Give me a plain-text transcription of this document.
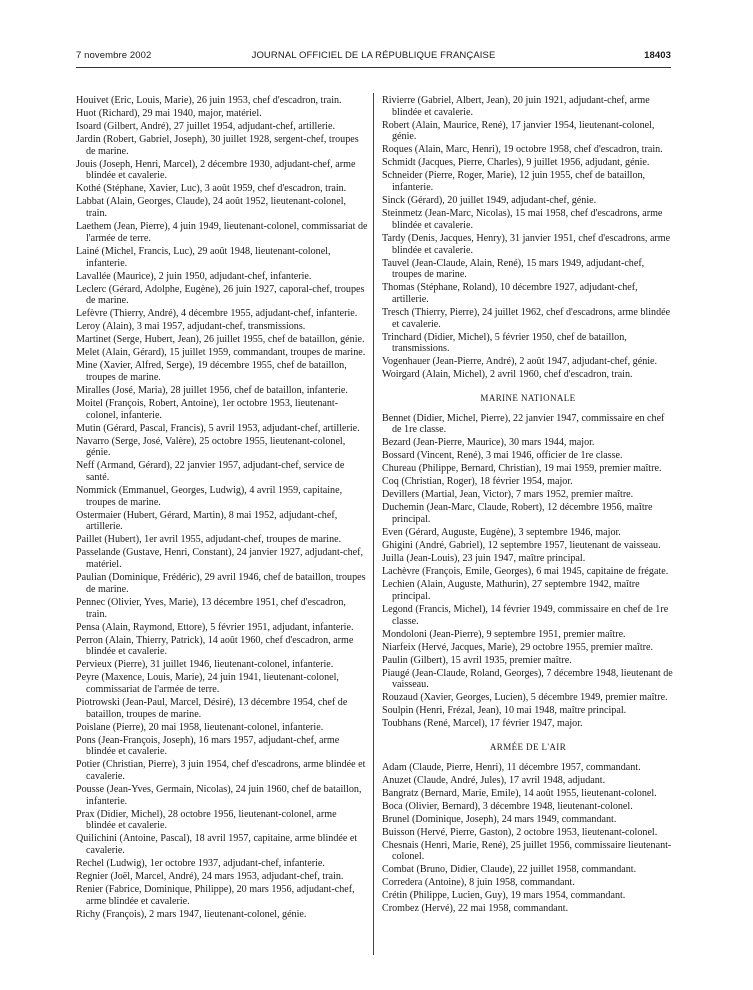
7 novembre 2002	JOURNAL OFFICIEL DE LA RÉPUBLIQUE FRANÇAISE	18403

Houivet (Eric, Louis, Marie), 26 juin 1953, chef d'escadron, train.

Huot (Richard), 29 mai 1940, major, matériel.

Isoard (Gilbert, André), 27 juillet 1954, adjudant-chef, artillerie.

Jardin (Robert, Gabriel, Joseph), 30 juillet 1928, sergent-chef, troupes de marine.

Jouis (Joseph, Henri, Marcel), 2 décembre 1930, adjudant-chef, arme blindée et cavalerie.

Kothé (Stéphane, Xavier, Luc), 3 août 1959, chef d'escadron, train.

Labbat (Alain, Georges, Claude), 24 août 1952, lieutenant-colonel, train.

Laethem (Jean, Pierre), 4 juin 1949, lieutenant-colonel, commissariat de l'armée de terre.

Lainé (Michel, Francis, Luc), 29 août 1948, lieutenant-colonel, infanterie.

Lavallée (Maurice), 2 juin 1950, adjudant-chef, infanterie.

Leclerc (Gérard, Adolphe, Eugène), 26 juin 1927, caporal-chef, troupes de marine.

Lefèvre (Thierry, André), 4 décembre 1955, adjudant-chef, infanterie.

Leroy (Alain), 3 mai 1957, adjudant-chef, transmissions.

Martinet (Serge, Hubert, Jean), 26 juillet 1955, chef de bataillon, génie.

Melet (Alain, Gérard), 15 juillet 1959, commandant, troupes de marine.

Mine (Xavier, Alfred, Serge), 19 décembre 1955, chef de bataillon, troupes de marine.

Miralles (José, Maria), 28 juillet 1956, chef de bataillon, infanterie.

Moitel (François, Robert, Antoine), 1er octobre 1953, lieutenant-colonel, infanterie.

Mutin (Gérard, Pascal, Francis), 5 avril 1953, adjudant-chef, artillerie.

Navarro (Serge, José, Valère), 25 octobre 1955, lieutenant-colonel, génie.

Neff (Armand, Gérard), 22 janvier 1957, adjudant-chef, service de santé.

Nommick (Emmanuel, Georges, Ludwig), 4 avril 1959, capitaine, troupes de marine.

Ostermaier (Hubert, Gérard, Martin), 8 mai 1952, adjudant-chef, artillerie.

Paillet (Hubert), 1er avril 1955, adjudant-chef, troupes de marine.

Passelande (Gustave, Henri, Constant), 24 janvier 1927, adjudant-chef, matériel.

Paulian (Dominique, Frédéric), 29 avril 1946, chef de bataillon, troupes de marine.

Pennec (Olivier, Yves, Marie), 13 décembre 1951, chef d'escadron, train.

Pensa (Alain, Raymond, Ettore), 5 février 1951, adjudant, infanterie.

Perron (Alain, Thierry, Patrick), 14 août 1960, chef d'escadron, arme blindée et cavalerie.

Pervieux (Pierre), 31 juillet 1946, lieutenant-colonel, infanterie.

Peyre (Maxence, Louis, Marie), 24 juin 1941, lieutenant-colonel, commissariat de l'armée de terre.

Piotrowski (Jean-Paul, Marcel, Désiré), 13 décembre 1954, chef de bataillon, troupes de marine.

Poislane (Pierre), 20 mai 1958, lieutenant-colonel, infanterie.

Pons (Jean-François, Joseph), 16 mars 1957, adjudant-chef, arme blindée et cavalerie.

Potier (Christian, Pierre), 3 juin 1954, chef d'escadrons, arme blindée et cavalerie.

Pousse (Jean-Yves, Germain, Nicolas), 24 juin 1960, chef de bataillon, infanterie.

Prax (Didier, Michel), 28 octobre 1956, lieutenant-colonel, arme blindée et cavalerie.

Quilichini (Antoine, Pascal), 18 avril 1957, capitaine, arme blindée et cavalerie.

Rechel (Ludwig), 1er octobre 1937, adjudant-chef, infanterie.

Regnier (Joël, Marcel, André), 24 mars 1953, adjudant-chef, train.

Renier (Fabrice, Dominique, Philippe), 20 mars 1956, adjudant-chef, arme blindée et cavalerie.

Richy (François), 2 mars 1947, lieutenant-colonel, génie.

Rivierre (Gabriel, Albert, Jean), 20 juin 1921, adjudant-chef, arme blindée et cavalerie.

Robert (Alain, Maurice, René), 17 janvier 1954, lieutenant-colonel, génie.

Roques (Alain, Marc, Henri), 19 octobre 1958, chef d'escadron, train.

Schmidt (Jacques, Pierre, Charles), 9 juillet 1956, adjudant, génie.

Schneider (Pierre, Roger, Marie), 12 juin 1955, chef de bataillon, infanterie.

Sinck (Gérard), 20 juillet 1949, adjudant-chef, génie.

Steinmetz (Jean-Marc, Nicolas), 15 mai 1958, chef d'escadrons, arme blindée et cavalerie.

Tardy (Denis, Jacques, Henry), 31 janvier 1951, chef d'escadrons, arme blindée et cavalerie.

Tauvel (Jean-Claude, Alain, René), 15 mars 1949, adjudant-chef, troupes de marine.

Thomas (Stéphane, Roland), 10 décembre 1927, adjudant-chef, artillerie.

Tresch (Thierry, Pierre), 24 juillet 1962, chef d'escadrons, arme blindée et cavalerie.

Trinchard (Didier, Michel), 5 février 1950, chef de bataillon, transmissions.

Vogenhauer (Jean-Pierre, André), 2 août 1947, adjudant-chef, génie.

Woirgard (Alain, Michel), 2 avril 1960, chef d'escadron, train.

MARINE NATIONALE

Bennet (Didier, Michel, Pierre), 22 janvier 1947, commissaire en chef de 1re classe.

Bezard (Jean-Pierre, Maurice), 30 mars 1944, major.

Bossard (Vincent, René), 3 mai 1946, officier de 1re classe.

Chureau (Philippe, Bernard, Christian), 19 mai 1959, premier maître.

Coq (Christian, Roger), 18 février 1954, major.

Devillers (Martial, Jean, Victor), 7 mars 1952, premier maître.

Duchemin (Jean-Marc, Claude, Robert), 12 décembre 1956, maître principal.

Even (Gérard, Auguste, Eugène), 3 septembre 1946, major.

Ghigini (André, Gabriel), 12 septembre 1957, lieutenant de vaisseau.

Juilla (Jean-Louis), 23 juin 1947, maître principal.

Lachèvre (François, Emile, Georges), 6 mai 1945, capitaine de frégate.

Lechien (Alain, Auguste, Mathurin), 27 septembre 1942, maître principal.

Legond (Francis, Michel), 14 février 1949, commissaire en chef de 1re classe.

Mondoloni (Jean-Pierre), 9 septembre 1951, premier maître.

Niarfeix (Hervé, Jacques, Marie), 29 octobre 1955, premier maître.

Paulin (Gilbert), 15 avril 1935, premier maître.

Piaugé (Jean-Claude, Roland, Georges), 7 décembre 1948, lieutenant de vaisseau.

Rouzaud (Xavier, Georges, Lucien), 5 décembre 1949, premier maître.

Soulpin (Henri, Frézal, Jean), 10 mai 1948, maître principal.

Toubhans (René, Marcel), 17 février 1947, major.

ARMÉE DE L'AIR

Adam (Claude, Pierre, Henri), 11 décembre 1957, commandant.

Anuzet (Claude, André, Jules), 17 avril 1948, adjudant.

Bangratz (Bernard, Marie, Emile), 14 août 1955, lieutenant-colonel.

Boca (Olivier, Bernard), 3 décembre 1948, lieutenant-colonel.

Brunel (Dominique, Joseph), 24 mars 1949, commandant.

Buisson (Hervé, Pierre, Gaston), 2 octobre 1953, lieutenant-colonel.

Chesnais (Henri, Marie, René), 25 juillet 1956, commissaire lieutenant-colonel.

Combat (Bruno, Didier, Claude), 22 juillet 1958, commandant.

Corredera (Antoine), 8 juin 1958, commandant.

Crétin (Philippe, Lucien, Guy), 19 mars 1954, commandant.

Crombez (Hervé), 22 mai 1958, commandant.
